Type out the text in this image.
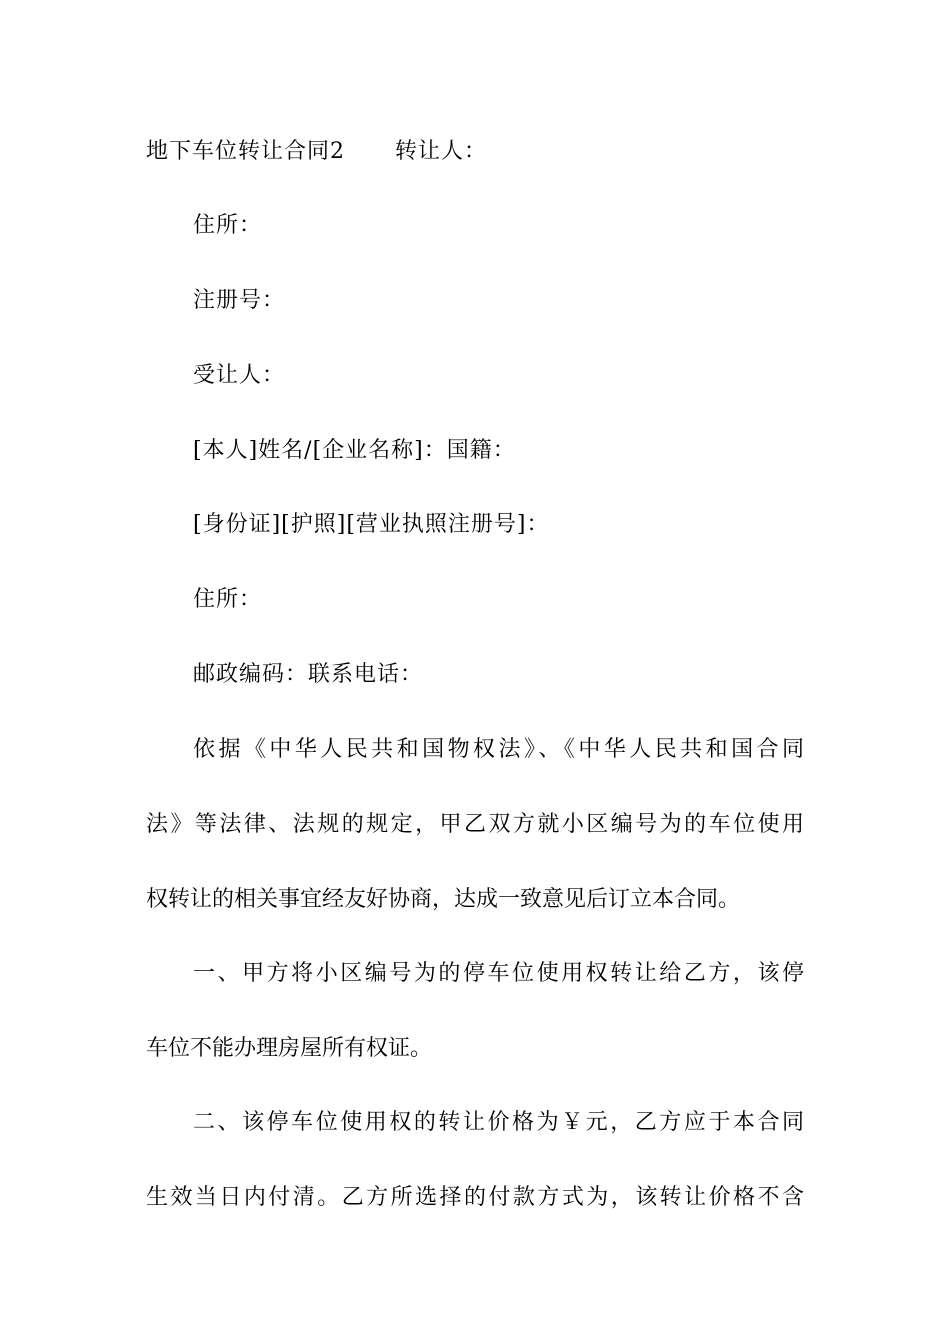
地下车位转让合同2 转让人：
住所：
注册号：
受让人：
[本人]姓名/[企业名称]：国籍：
[身份证][护照][营业执照注册号]：
住所：
邮政编码：联系电话：
依据《中华人民共和国物权法》、《中华人民共和国合同
法》等法律、法规的规定，甲乙双方就小区编号为的车位使用
权转让的相关事宜经友好协商，达成一致意见后订立本合同。
一、甲方将小区编号为的停车位使用权转让给乙方，该停
车位不能办理房屋所有权证。
二、该停车位使用权的转让价格为￥元，乙方应于本合同
生效当日内付清。乙方所选择的付款方式为，该转让价格不含
